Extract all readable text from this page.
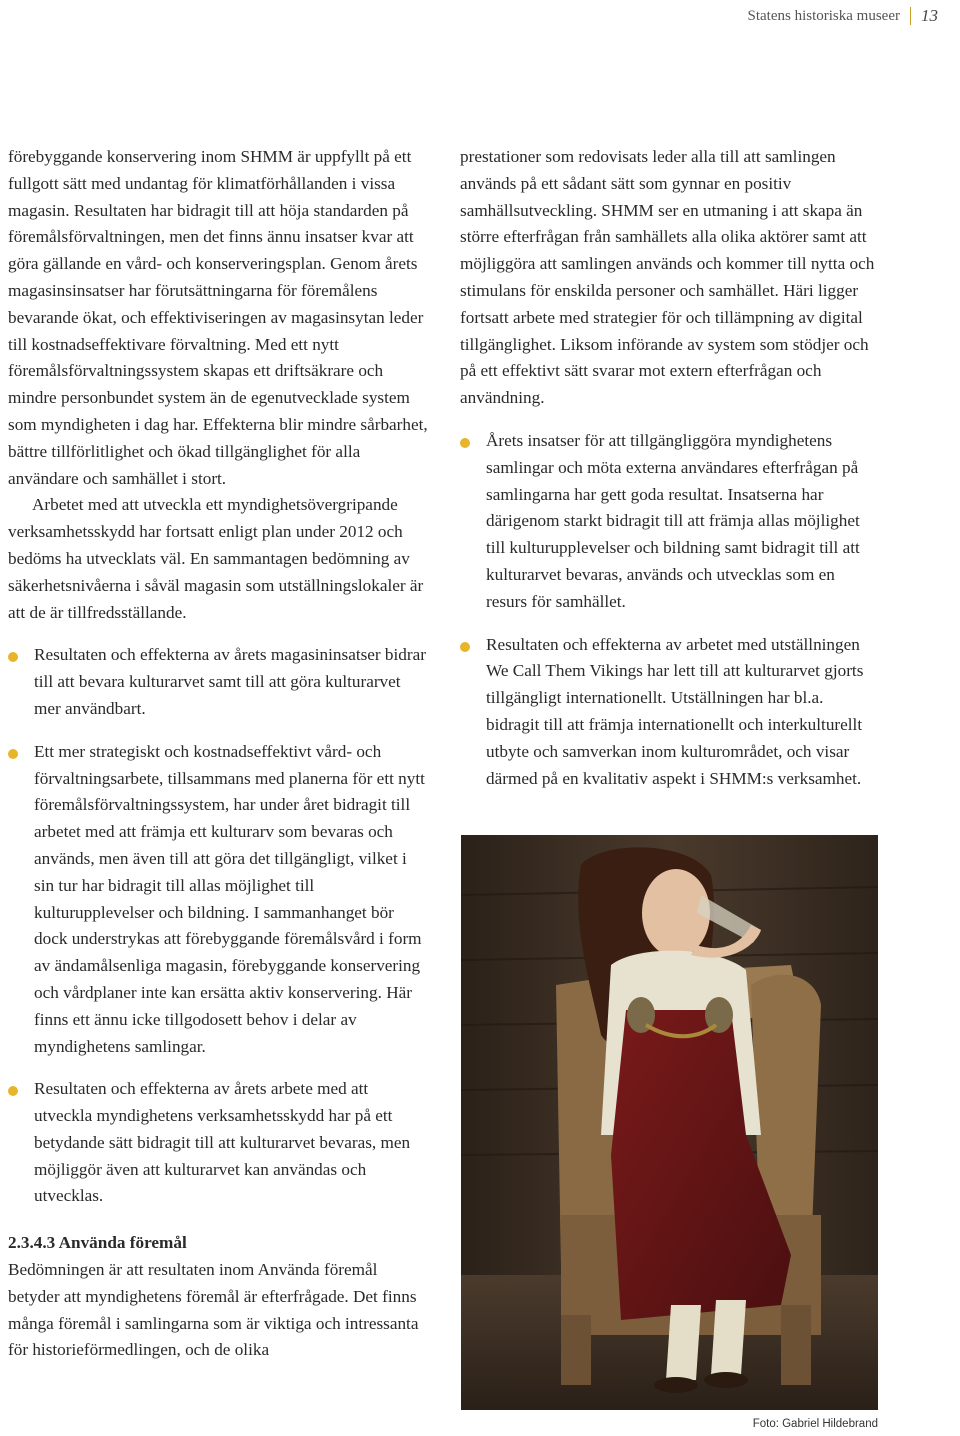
Statens historiska museer 13

förebyggande konservering inom SHMM är uppfyllt på ett fullgott sätt med undantag för klimatförhållanden i vissa magasin. Resultaten har bidragit till att höja standarden på föremålsförvaltningen, men det finns ännu insatser kvar att göra gällande en vård- och konserveringsplan. Genom årets magasinsinsatser har förutsättningarna för föremålens bevarande ökat, och effektiviseringen av magasinsytan leder till kostnadseffektivare förvaltning. Med ett nytt föremålsförvaltningssystem skapas ett driftsäkrare och mindre personbundet system än de egenutvecklade system som myndigheten i dag har. Effekterna blir mindre sårbarhet, bättre tillförlitlighet och ökad tillgänglighet för alla användare och samhället i stort.

Arbetet med att utveckla ett myndighetsövergripande verksamhetsskydd har fortsatt enligt plan under 2012 och bedöms ha utvecklats väl. En sammantagen bedömning av säkerhetsnivåerna i såväl magasin som utställningslokaler är att de är tillfredsställande.

Resultaten och effekterna av årets magasininsatser bidrar till att bevara kulturarvet samt till att göra kulturarvet mer användbart.
Ett mer strategiskt och kostnadseffektivt vård- och förvaltningsarbete, tillsammans med planerna för ett nytt föremålsförvaltningssystem, har under året bidragit till arbetet med att främja ett kulturarv som bevaras och används, men även till att göra det tillgängligt, vilket i sin tur har bidragit till allas möjlighet till kulturupplevelser och bildning. I sammanhanget bör dock understrykas att förebyggande föremålsvård i form av ändamålsenliga magasin, förebyggande konservering och vårdplaner inte kan ersätta aktiv konservering. Här finns ett ännu icke tillgodosett behov i delar av myndighetens samlingar.
Resultaten och effekterna av årets arbete med att utveckla myndighetens verksamhetsskydd har på ett betydande sätt bidragit till att kulturarvet bevaras, men möjliggör även att kulturarvet kan användas och utvecklas.

2.3.4.3 Använda föremål

Bedömningen är att resultaten inom Använda föremål betyder att myndighetens föremål är efterfrågade. Det finns många föremål i samlingarna som är viktiga och intressanta för historieförmedlingen, och de olika

prestationer som redovisats leder alla till att samlingen används på ett sådant sätt som gynnar en positiv samhällsutveckling. SHMM ser en utmaning i att skapa än större efterfrågan från samhällets alla olika aktörer samt att möjliggöra att samlingen används och kommer till nytta och stimulans för enskilda personer och samhället. Häri ligger fortsatt arbete med strategier för och tillämpning av digital tillgänglighet. Liksom införande av system som stödjer och på ett effektivt sätt svarar mot extern efterfrågan och användning.

Årets insatser för att tillgängliggöra myndighetens samlingar och möta externa användares efterfrågan på samlingarna har gett goda resultat. Insatserna har därigenom starkt bidragit till att främja allas möjlighet till kulturupplevelser och bildning samt bidragit till att kulturarvet bevaras, används och utvecklas som en resurs för samhället.
Resultaten och effekterna av arbetet med utställningen We Call Them Vikings har lett till att kulturarvet gjorts tillgängligt internationellt. Utställningen har bl.a. bidragit till att främja internationellt och interkulturellt utbyte och samverkan inom kulturområdet, och visar därmed på en kvalitativ aspekt i SHMM:s verksamhet.
Foto: Gabriel Hildebrand
